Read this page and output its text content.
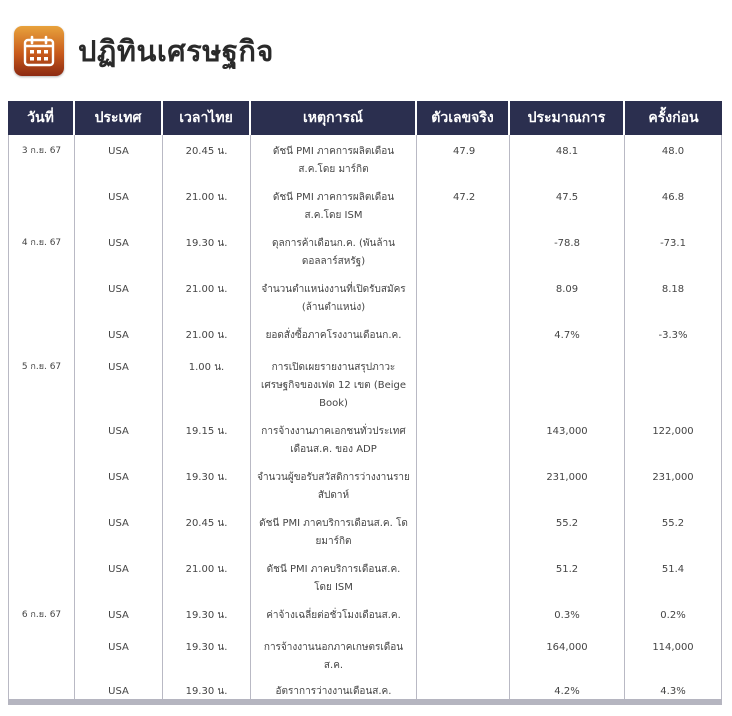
ปฏิทินเศรษฐกิจ
วันที่	ประเทศ	เวลาไทย	เหตุการณ์	ตัวเลขจริง	ประมาณการ	ครั้งก่อน
3 ก.ย. 67	USA	20.45 น.	ดัชนี PMI ภาคการผลิตเดือนส.ค.โดย มาร์กิต	47.9	48.1	48.0
	USA	21.00 น.	ดัชนี PMI ภาคการผลิตเดือนส.ค.โดย ISM	47.2	47.5	46.8
4 ก.ย. 67	USA	19.30 น.	ดุลการค้าเดือนก.ค. (พันล้านดอลลาร์สหรัฐ)		-78.8	-73.1
	USA	21.00 น.	จำนวนตำแหน่งงานที่เปิดรับสมัคร (ล้านตำแหน่ง)		8.09	8.18
	USA	21.00 น.	ยอดสั่งซื้อภาคโรงงานเดือนก.ค.		4.7%	-3.3%
5 ก.ย. 67	USA	1.00 น.	การเปิดเผยรายงานสรุปภาวะเศรษฐกิจของเฟด 12 เขต (Beige Book)			

	USA	19.15 น.	การจ้างงานภาคเอกชนทั่วประเทศเดือนส.ค. ของ ADP		143,000	122,000
	USA	19.30 น.	จำนวนผู้ขอรับสวัสดิการว่างงานรายสัปดาห์		231,000	231,000
	USA	20.45 น.	ดัชนี PMI ภาคบริการเดือนส.ค. โดยมาร์กิต		55.2	55.2
	USA	21.00 น.	ดัชนี PMI ภาคบริการเดือนส.ค. โดย ISM		51.2	51.4
6 ก.ย. 67	USA	19.30 น.	ค่าจ้างเฉลี่ยต่อชั่วโมงเดือนส.ค.		0.3%	0.2%
	USA	19.30 น.	การจ้างงานนอกภาคเกษตรเดือนส.ค.		164,000	114,000
	USA	19.30 น.	อัตราการว่างงานเดือนส.ค.		4.2%	4.3%
